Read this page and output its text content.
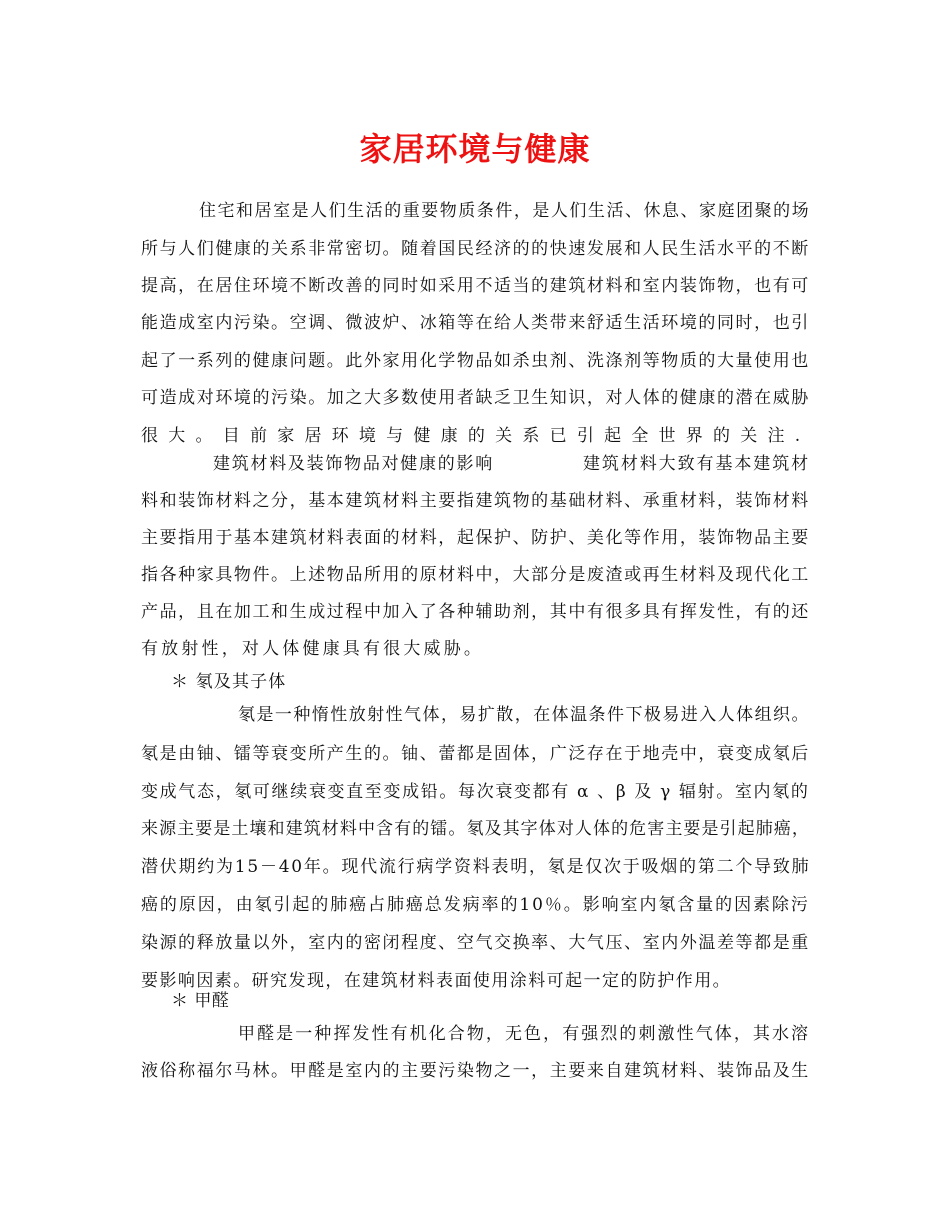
家居环境与健康
住宅和居室是人们生活的重要物质条件，是人们生活、休息、家庭团聚的场
所与人们健康的关系非常密切。随着国民经济的的快速发展和人民生活水平的不断
提高，在居住环境不断改善的同时如采用不适当的建筑材料和室内装饰物，也有可
能造成室内污染。空调、微波炉、冰箱等在给人类带来舒适生活环境的同时，也引
起了一系列的健康问题。此外家用化学物品如杀虫剂、洗涤剂等物质的大量使用也
可造成对环境的污染。加之大多数使用者缺乏卫生知识，对人体的健康的潜在威胁
很大。目前家居环境与健康的关系已引起全世界的关注.
建筑材料及装饰物品对健康的影响	建筑材料大致有基本建筑材
料和装饰材料之分，基本建筑材料主要指建筑物的基础材料、承重材料，装饰材料
主要指用于基本建筑材料表面的材料，起保护、防护、美化等作用，装饰物品主要
指各种家具物件。上述物品所用的原材料中，大部分是废渣或再生材料及现代化工
产品，且在加工和生成过程中加入了各种辅助剂，其中有很多具有挥发性，有的还
有放射性，对人体健康具有很大威胁。
＊ 氡及其子体
氡是一种惰性放射性气体，易扩散，在体温条件下极易进入人体组织。
氡是由铀、镭等衰变所产生的。铀、蕾都是固体，广泛存在于地壳中，衰变成氡后
变成气态，氡可继续衰变直至变成铅。每次衰变都有 α 、β 及 γ 辐射。室内氡的
来源主要是土壤和建筑材料中含有的镭。氡及其字体对人体的危害主要是引起肺癌，
潜伏期约为15－40年。现代流行病学资料表明，氡是仅次于吸烟的第二个导致肺
癌的原因，由氡引起的肺癌占肺癌总发病率的10％。影响室内氡含量的因素除污
染源的释放量以外，室内的密闭程度、空气交换率、大气压、室内外温差等都是重
要影响因素。研究发现，在建筑材料表面使用涂料可起一定的防护作用。
＊ 甲醛
甲醛是一种挥发性有机化合物，无色，有强烈的刺激性气体，其水溶
液俗称福尔马林。甲醛是室内的主要污染物之一，主要来自建筑材料、装饰品及生
